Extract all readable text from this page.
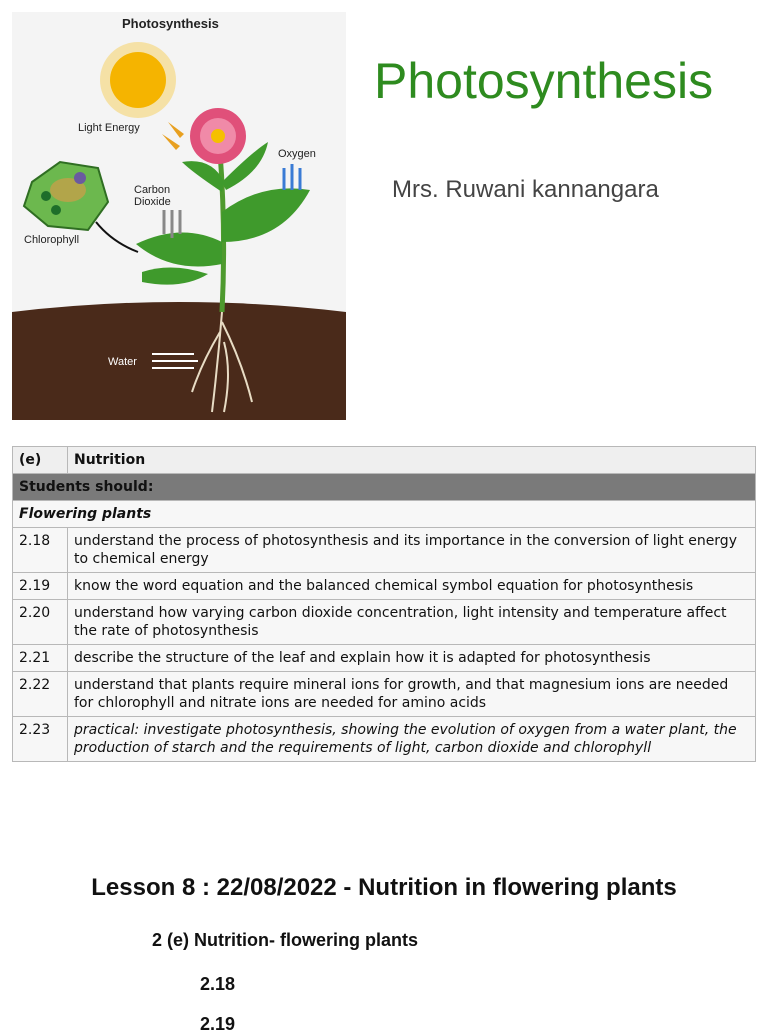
Photosynthesis
Light Energy
Oxygen
Carbon
Dioxide
Chlorophyll
Water
Photosynthesis
Mrs. Ruwani kannangara
(e)	Nutrition
Students should:	
Flowering plants	
2.18	understand the process of photosynthesis and its importance in the conversion of light energy to chemical energy
2.19	know the word equation and the balanced chemical symbol equation for photosynthesis
2.20	understand how varying carbon dioxide concentration, light intensity and temperature affect the rate of photosynthesis
2.21	describe the structure of the leaf and explain how it is adapted for photosynthesis
2.22	understand that plants require mineral ions for growth, and that magnesium ions are needed for chlorophyll and nitrate ions are needed for amino acids
2.23	practical: investigate photosynthesis, showing the evolution of oxygen from a water plant, the production of starch and the requirements of light, carbon dioxide and chlorophyll
Lesson 8 : 22/08/2022 - Nutrition in flowering plants
2 (e) Nutrition- flowering plants
2.18
2.19
